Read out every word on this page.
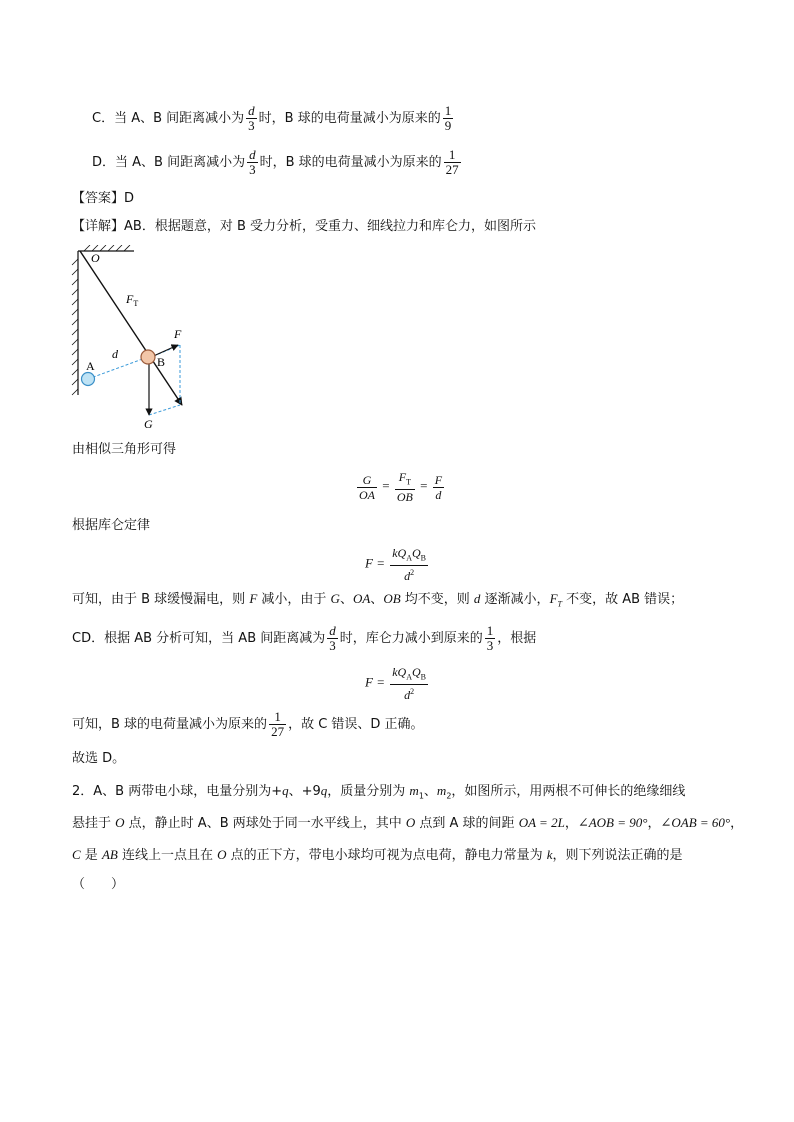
C．当 A、B 间距离减小为 $\frac{d}{3}$ 时，B 球的电荷量减小为原来的 $\frac{1}{9}$
D．当 A、B 间距离减小为 $\frac{d}{3}$ 时，B 球的电荷量减小为原来的 $\frac{1}{27}$
【答案】D
【详解】AB．根据题意，对 B 受力分析，受重力、细线拉力和库仑力，如图所示
O
$F_T$
F
A
d
B
G
由相似三角形可得
$\frac{G}{OA} = \frac{F_T}{OB} = \frac{F}{d}$
根据库仑定律
$F = \frac{kQ_AQ_B}{d^2}$
可知，由于 B 球缓慢漏电，则 F 减小，由于 G、OA、OB 均不变，则 d 逐渐减小，$F_T$ 不变，故 AB 错误；
CD．根据 AB 分析可知，当 AB 间距离减为 $\frac{d}{3}$ 时，库仑力减小到原来的 $\frac{1}{3}$ ，根据
$F = \frac{kQ_AQ_B}{d^2}$
可知，B 球的电荷量减小为原来的 $\frac{1}{27}$ ，故 C 错误、D 正确。
故选 D。
2．A、B 两带电小球，电量分别为+q、+9q，质量分别为 $m_1$、$m_2$，如图所示，用两根不可伸长的绝缘细线
悬挂于 O 点，静止时 A、B 两球处于同一水平线上，其中 O 点到 A 球的间距 OA = 2L，∠AOB = 90°，∠OAB = 60°，
C 是 AB 连线上一点且在 O 点的正下方，带电小球均可视为点电荷，静电力常量为 k，则下列说法正确的是
（　　）
